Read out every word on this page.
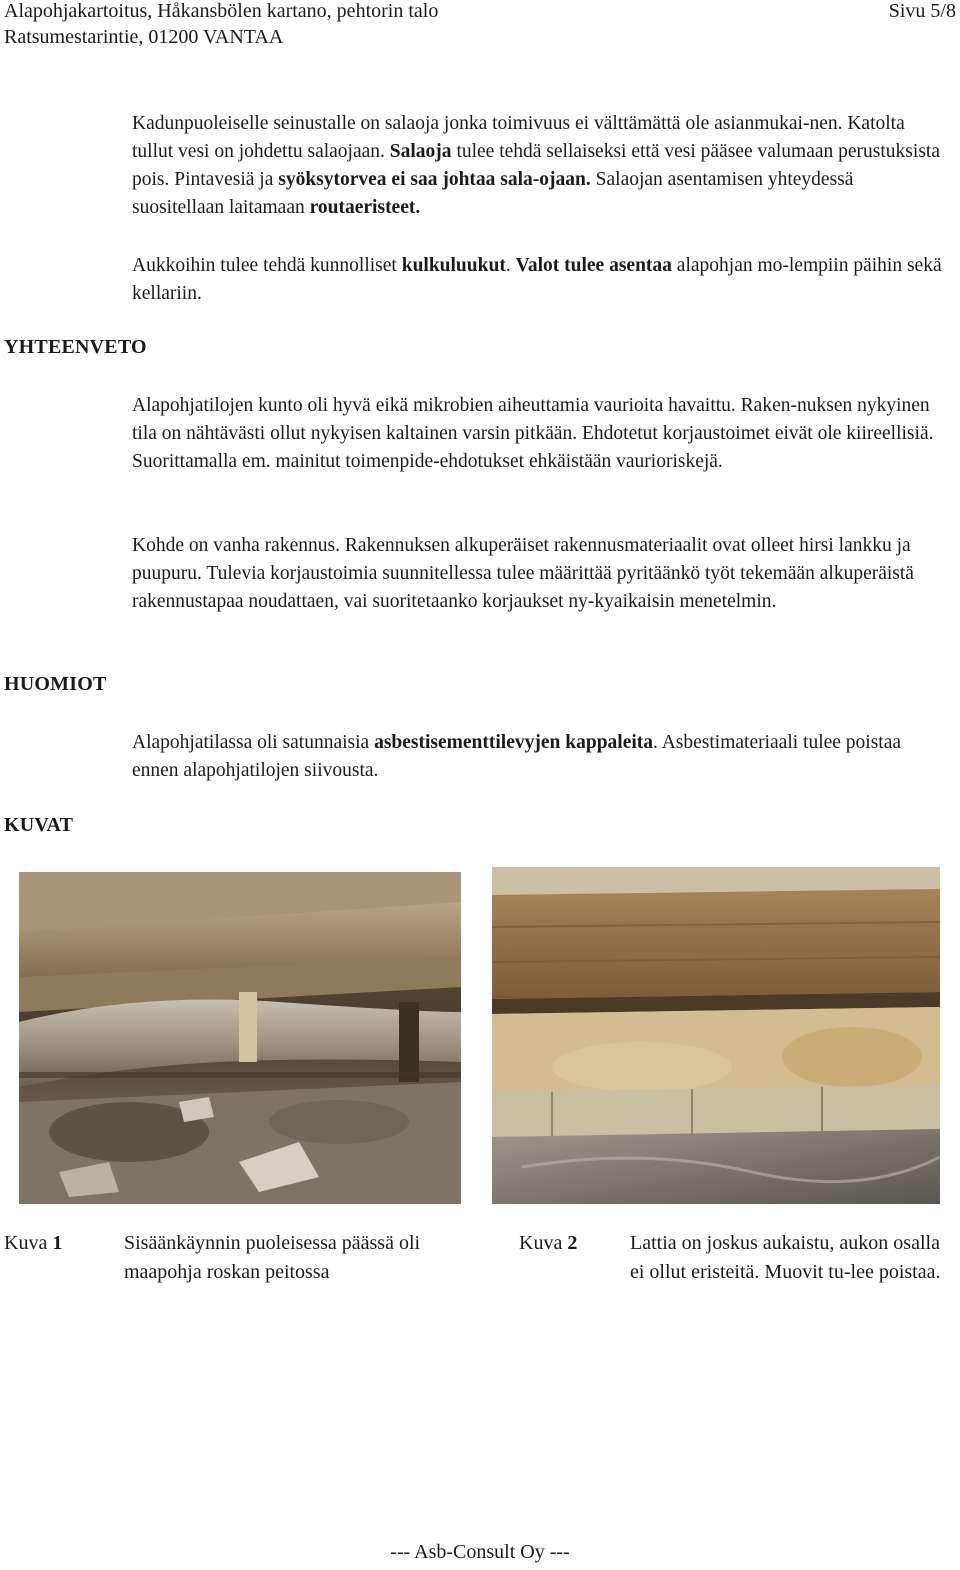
Alapohjakartoitus, Håkansbölen kartano, pehtorin talo
Ratsumestarintie, 01200 VANTAA
Sivu 5/8
Kadunpuoleiselle seinustalle on salaoja jonka toimivuus ei välttämättä ole asianmukai-nen. Katolta tullut vesi on johdettu salaojaan. Salaoja tulee tehdä sellaiseksi että vesi pääsee valumaan perustuksista pois. Pintavesiä ja syöksytorvea ei saa johtaa sala-ojaan. Salaojan asentamisen yhteydessä suositellaan laitamaan routaeristeet.
Aukkoihin tulee tehdä kunnolliset kulkuluukut. Valot tulee asentaa alapohjan mo-lempiin päihin sekä kellariin.
YHTEENVETO
Alapohjatilojen kunto oli hyvä eikä mikrobien aiheuttamia vaurioita havaittu. Raken-nuksen nykyinen tila on nähtävästi ollut nykyisen kaltainen varsin pitkään. Ehdotetut korjaustoimet eivät ole kiireellisiä. Suorittamalla em. mainitut toimenpide-ehdotukset ehkäistään vaurioriskejä.
Kohde on vanha rakennus. Rakennuksen alkuperäiset rakennusmateriaalit ovat olleet hirsi lankku ja puupuru. Tulevia korjaustoimia suunnitellessa tulee määrittää pyritäänkö työt tekemään alkuperäistä rakennustapaa noudattaen, vai suoritetaanko korjaukset ny-kyaikaisin menetelmin.
HUOMIOT
Alapohjatilassa oli satunnaisia asbestisementtilevyjen kappaleita. Asbestimateriaali tulee poistaa ennen alapohjatilojen siivousta.
KUVAT
Kuva 1	Sisäänkäynnin puoleisessa päässä oli maapohja roskan peitossa
Kuva 2	Lattia on joskus aukaistu, aukon osalla ei ollut eristeitä. Muovit tu-lee poistaa.
--- Asb-Consult Oy ---
